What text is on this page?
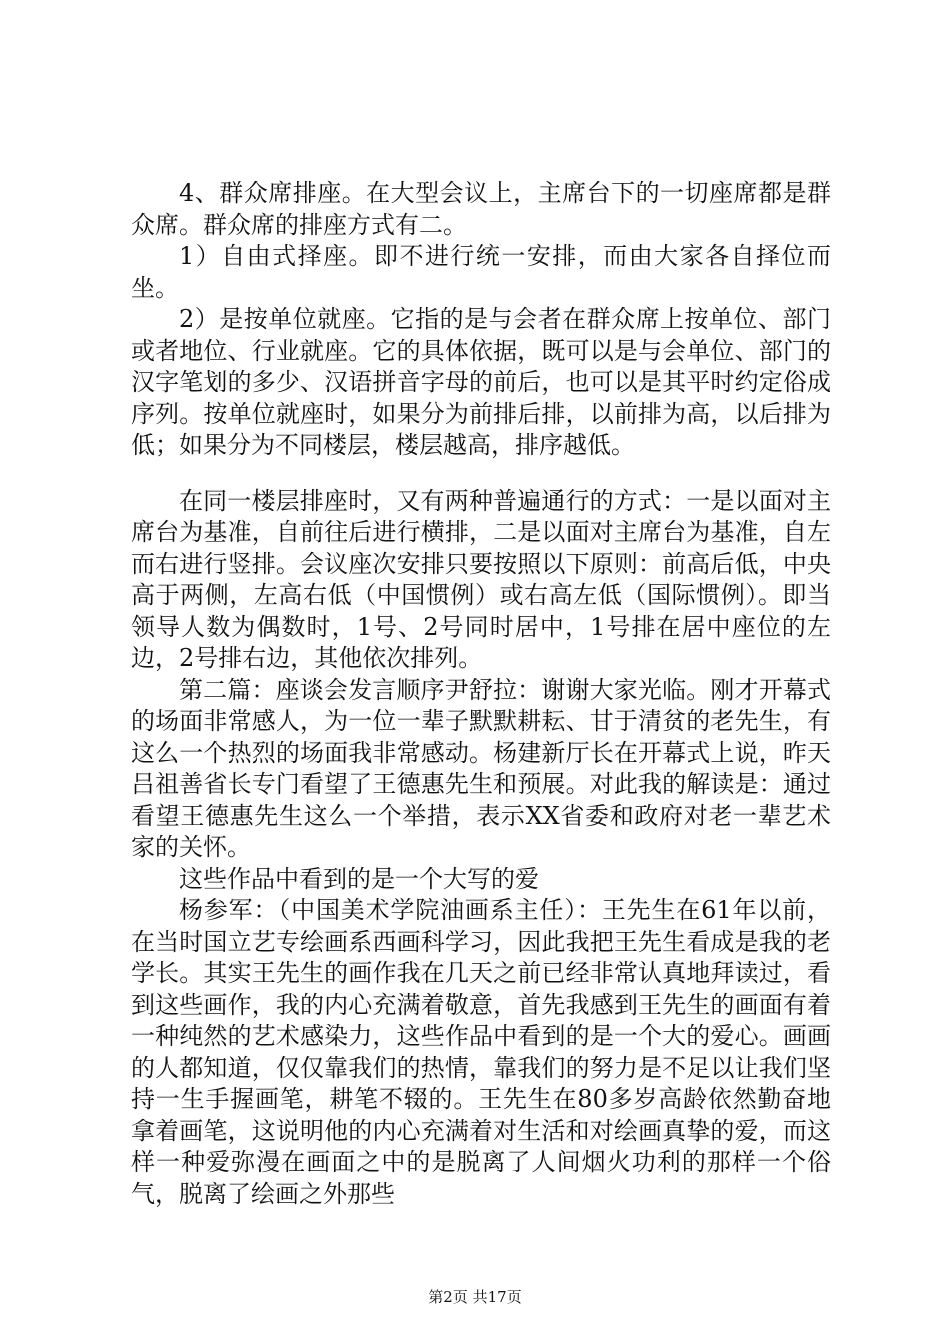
4、群众席排座。在大型会议上，主席台下的一切座席都是群众席。群众席的排座方式有二。

1）自由式择座。即不进行统一安排，而由大家各自择位而坐。

2）是按单位就座。它指的是与会者在群众席上按单位、部门或者地位、行业就座。它的具体依据，既可以是与会单位、部门的汉字笔划的多少、汉语拼音字母的前后，也可以是其平时约定俗成序列。按单位就座时，如果分为前排后排，以前排为高，以后排为低；如果分为不同楼层，楼层越高，排序越低。

在同一楼层排座时，又有两种普遍通行的方式：一是以面对主席台为基准，自前往后进行横排，二是以面对主席台为基准，自左而右进行竖排。会议座次安排只要按照以下原则：前高后低，中央高于两侧，左高右低（中国惯例）或右高左低（国际惯例）。即当领导人数为偶数时，1号、2号同时居中，1号排在居中座位的左边，2号排右边，其他依次排列。

第二篇：座谈会发言顺序尹舒拉：谢谢大家光临。刚才开幕式的场面非常感人，为一位一辈子默默耕耘、甘于清贫的老先生，有这么一个热烈的场面我非常感动。杨建新厅长在开幕式上说，昨天吕祖善省长专门看望了王德惠先生和预展。对此我的解读是：通过看望王德惠先生这么一个举措，表示XX省委和政府对老一辈艺术家的关怀。

这些作品中看到的是一个大写的爱

杨参军：（中国美术学院油画系主任）：王先生在61年以前，在当时国立艺专绘画系西画科学习，因此我把王先生看成是我的老学长。其实王先生的画作我在几天之前已经非常认真地拜读过，看到这些画作，我的内心充满着敬意，首先我感到王先生的画面有着一种纯然的艺术感染力，这些作品中看到的是一个大的爱心。画画的人都知道，仅仅靠我们的热情，靠我们的努力是不足以让我们坚持一生手握画笔，耕笔不辍的。王先生在80多岁高龄依然勤奋地拿着画笔，这说明他的内心充满着对生活和对绘画真挚的爱，而这样一种爱弥漫在画面之中的是脱离了人间烟火功利的那样一个俗气，脱离了绘画之外那些

第2页 共17页
